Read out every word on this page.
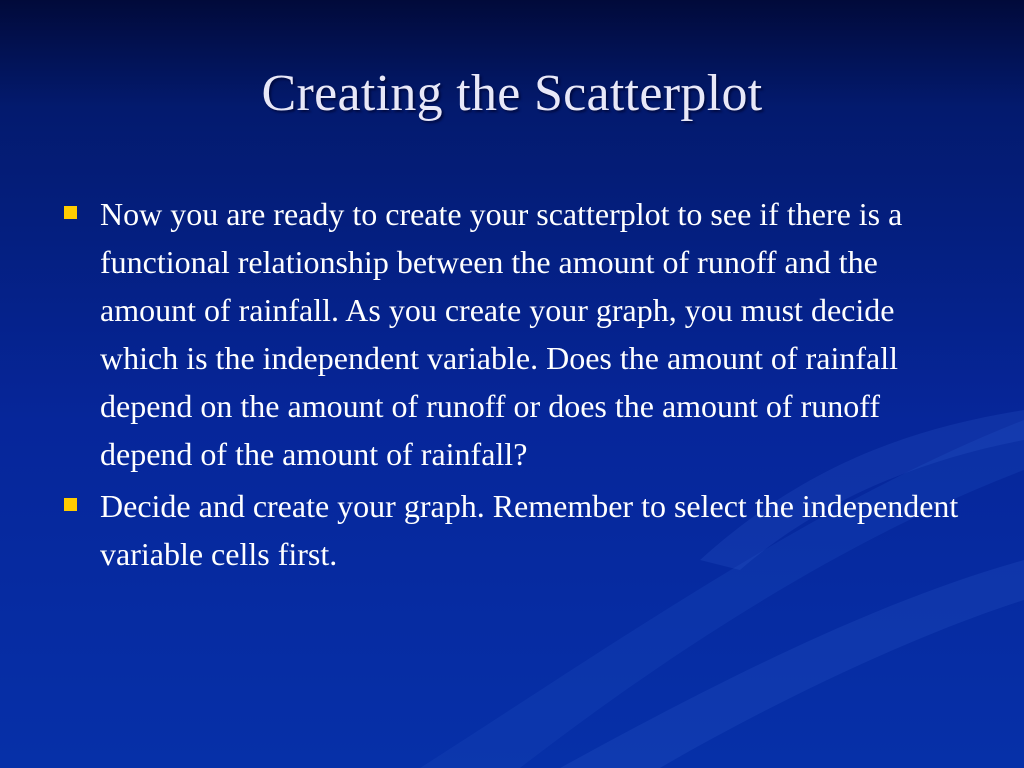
Creating the Scatterplot
Now you are ready to create your scatterplot to see if there is a functional relationship between the amount of runoff and the amount of rainfall. As you create your graph, you must decide which is the independent variable. Does the amount of rainfall depend on the amount of runoff or does the amount of runoff depend of the amount of rainfall?
Decide and create your graph. Remember to select the independent variable cells first.
